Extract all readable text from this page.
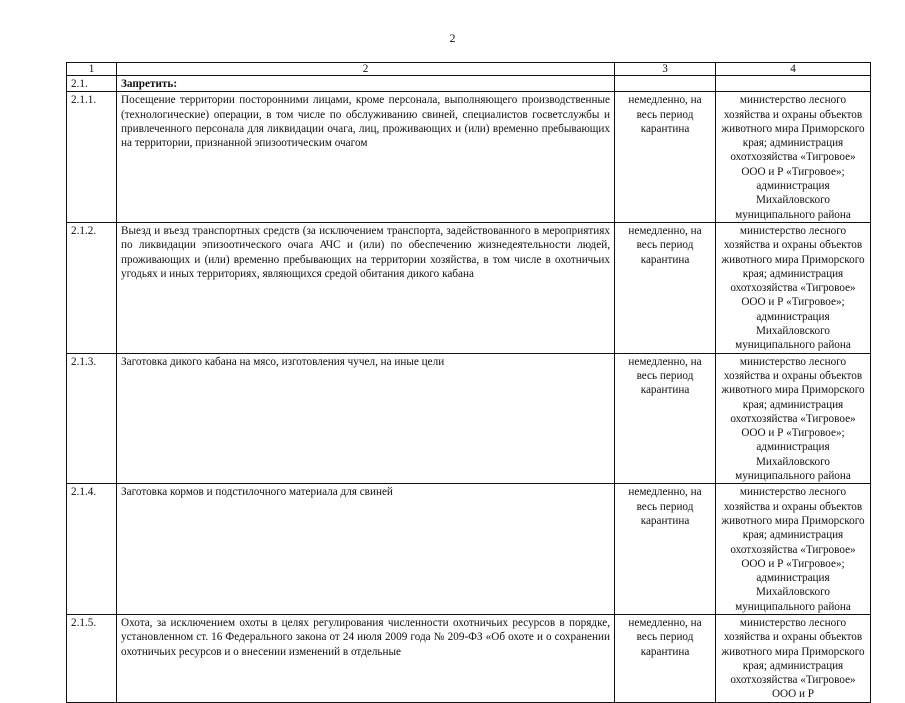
2
1	2	3	4
2.1.	Запретить:		
2.1.1.	Посещение территории посторонними лицами, кроме персонала, выполняющего производственные (технологические) операции, в том числе по обслуживанию свиней, специалистов госветслужбы и привлеченного персонала для ликвидации очага, лиц, проживающих и (или) временно пребывающих на территории, признанной эпизоотическим очагом	немедленно, на весь период карантина	министерство лесного хозяйства и охраны объектов животного мира Приморского края; администрация охотхозяйства «Тигровое» ООО и Р «Тигровое»; администрация Михайловского муниципального района
2.1.2.	Выезд и въезд транспортных средств (за исключением транспорта, задействованного в мероприятиях по ликвидации эпизоотического очага АЧС и (или) по обеспечению жизнедеятельности людей, проживающих и (или) временно пребывающих на территории хозяйства, в том числе в охотничьих угодьях и иных территориях, являющихся средой обитания дикого кабана	немедленно, на весь период карантина	министерство лесного хозяйства и охраны объектов животного мира Приморского края; администрация охотхозяйства «Тигровое» ООО и Р «Тигровое»; администрация Михайловского муниципального района
2.1.3.	Заготовка дикого кабана на мясо, изготовления чучел, на иные цели	немедленно, на весь период карантина	министерство лесного хозяйства и охраны объектов животного мира Приморского края; администрация охотхозяйства «Тигровое» ООО и Р «Тигровое»; администрация Михайловского муниципального района
2.1.4.	Заготовка кормов и подстилочного материала для свиней	немедленно, на весь период карантина	министерство лесного хозяйства и охраны объектов животного мира Приморского края; администрация охотхозяйства «Тигровое» ООО и Р «Тигровое»; администрация Михайловского муниципального района
2.1.5.	Охота, за исключением охоты в целях регулирования численности охотничьих ресурсов в порядке, установленном ст. 16 Федерального закона от 24 июля 2009 года № 209-ФЗ «Об охоте и о сохранении охотничьих ресурсов и о внесении изменений в отдельные	немедленно, на весь период карантина	министерство лесного хозяйства и охраны объектов животного мира Приморского края; администрация охотхозяйства «Тигровое» ООО и Р
